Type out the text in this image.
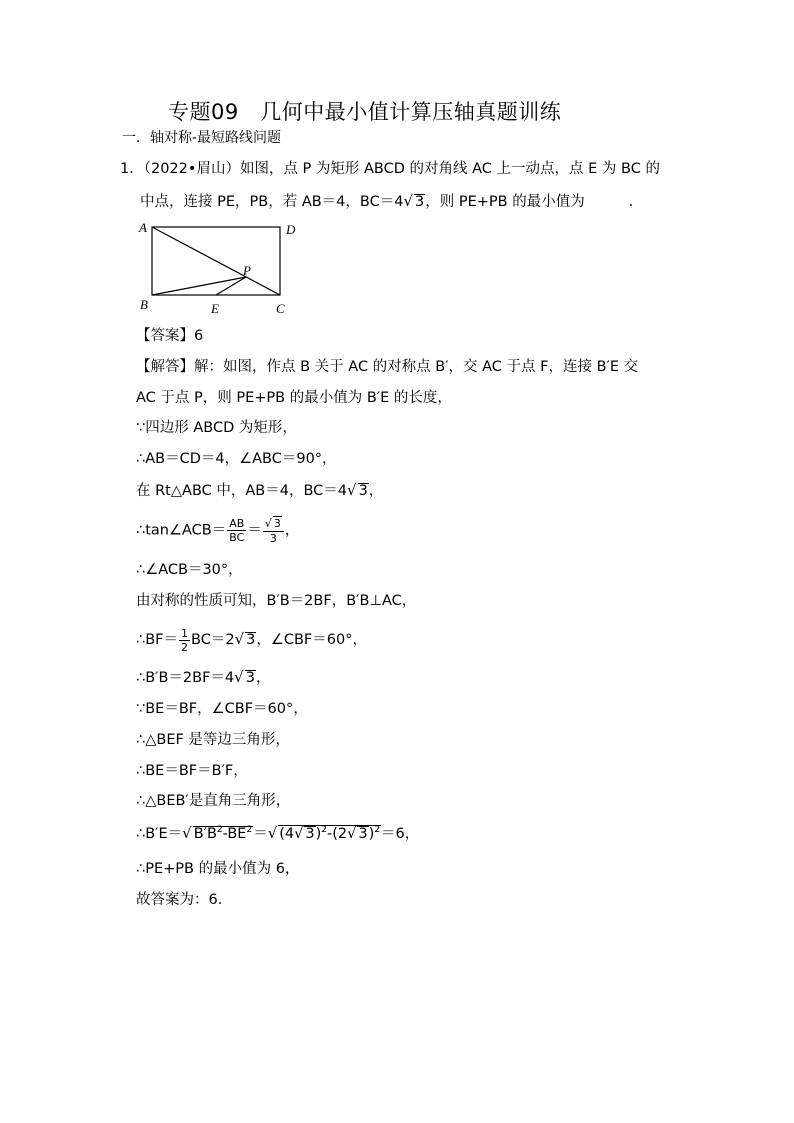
专题09　几何中最小值计算压轴真题训练
一．轴对称-最短路线问题
1．（2022•眉山）如图，点 P 为矩形 ABCD 的对角线 AC 上一动点，点 E 为 BC 的
中点，连接 PE，PB，若 AB＝4，BC＝4√ 3，则 PE+PB 的最小值为	．
A	D
B	C
P
E
【答案】6
【解答】解：如图，作点 B 关于 AC 的对称点 B′，交 AC 于点 F，连接 B′E 交
AC 于点 P，则 PE+PB 的最小值为 B′E 的长度，
∵四边形 ABCD 为矩形，
∴AB＝CD＝4，∠ABC＝90°，
在 Rt△ABC 中，AB＝4，BC＝4√ 3，
∴tan∠ACB＝ $\frac{AB}{BC} = \frac{√ 3}{3}$ ，
∴∠ACB＝30°，
由对称的性质可知，B′B＝2BF，B′B⊥AC，
∴BF＝ $\frac{1}{2} BC=2√$ 3，∠CBF＝60°，
∴B′B＝2BF＝4√ 3，
∵BE＝BF，∠CBF＝60°，
∴△BEF 是等边三角形，
∴BE＝BF＝B′F，
∴△BEB′是直角三角形，
∴B′E＝√ $B'B^2-BE^2=√$ (4√ 3)$^2$-(2√ 3)$^2$＝6，
∴PE+PB 的最小值为 6，
故答案为：6．
